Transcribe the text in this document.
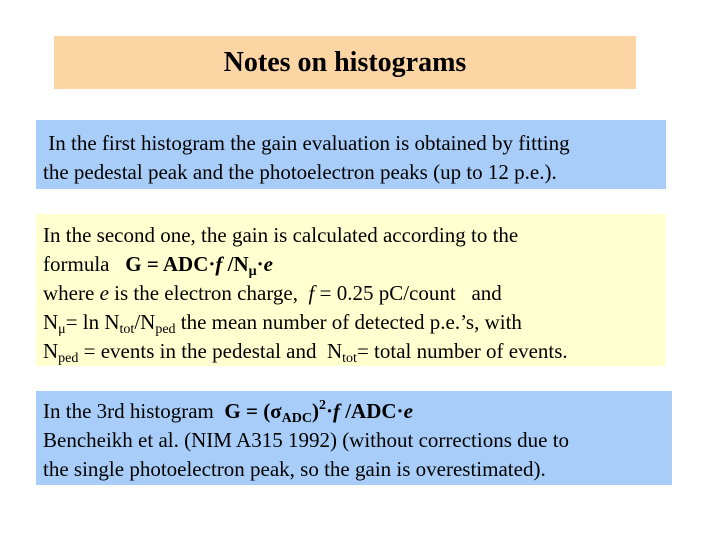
Notes on histograms
In the first histogram the gain evaluation is obtained by fitting
the pedestal peak and the photoelectron peaks (up to 12 p.e.).
In the second one, the gain is calculated according to the
formula   G = ADC·f $/N_\mu\cdot e$
where e is the electron charge,  f = 0.25 pC/count   and
$N_\mu= \ln N_{tot}/N_{ped}$ the mean number of detected p.e.’s, with
$N_{ped}$ = events in the pedestal and  $N_{tot}=$ total number of events.
In the 3rd histogram  $G = (\sigma_{ADC})^2\cdot f$ /ADC·e
Bencheikh et al. (NIM A315 1992) (without corrections due to
the single photoelectron peak, so the gain is overestimated).
